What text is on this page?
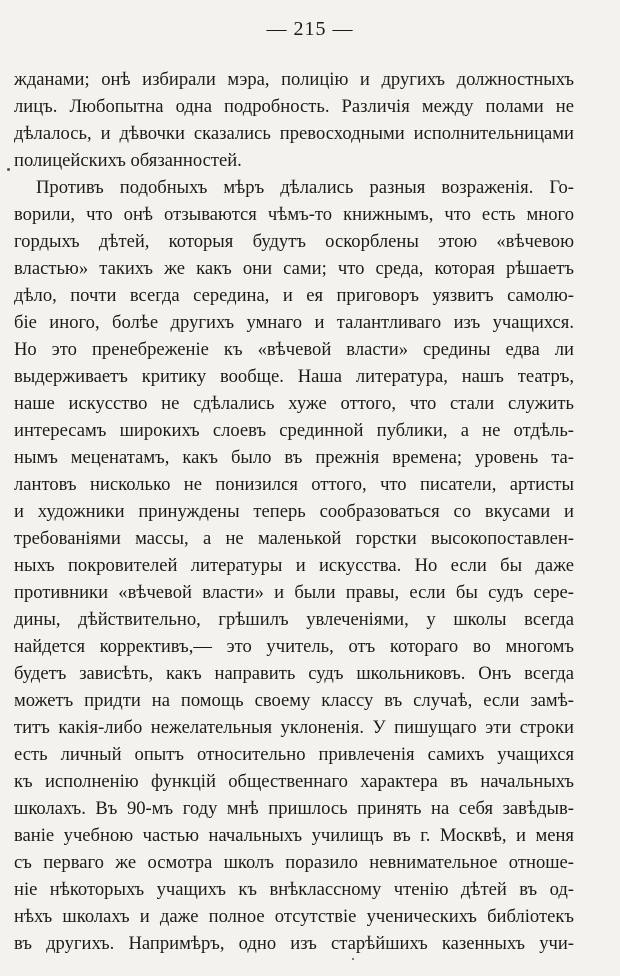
— 215 —
жданами; онѣ избирали мэра, полицію и другихъ должностныхъ
лицъ. Любопытна одна подробность. Различія между полами не
дѣлалось, и дѣвочки сказались превосходными исполнительницами
полицейскихъ обязанностей.
Противъ подобныхъ мѣръ дѣлались разныя возраженія. Го-
ворили, что онѣ отзываются чѣмъ-то книжнымъ, что есть много
гордыхъ дѣтей, которыя будутъ оскорблены этою «вѣчевою
властью» такихъ же какъ они сами; что среда, которая рѣшаетъ
дѣло, почти всегда середина, и ея приговоръ уязвитъ самолю-
біе иного, болѣе другихъ умнаго и талантливаго изъ учащихся.
Но это пренебреженіе къ «вѣчевой власти» средины едва ли
выдерживаетъ критику вообще. Наша литература, нашъ театръ,
наше искусство не сдѣлались хуже оттого, что стали служить
интересамъ широкихъ слоевъ срединной публики, а не отдѣль-
нымъ меценатамъ, какъ было въ прежнія времена; уровень та-
лантовъ нисколько не понизился оттого, что писатели, артисты
и художники принуждены теперь сообразоваться со вкусами и
требованіями массы, а не маленькой горстки высокопоставлен-
ныхъ покровителей литературы и искусства. Но если бы даже
противники «вѣчевой власти» и были правы, если бы судъ сере-
дины, дѣйствительно, грѣшилъ увлеченіями, у школы всегда
найдется коррективъ,— это учитель, отъ котораго во многомъ
будетъ зависѣть, какъ направить судъ школьниковъ. Онъ всегда
можетъ придти на помощь своему классу въ случаѣ, если замѣ-
титъ какія-либо нежелательныя уклоненія. У пишущаго эти строки
есть личный опытъ относительно привлеченія самихъ учащихся
къ исполненію функцій общественнаго характера въ начальныхъ
школахъ. Въ 90-мъ году мнѣ пришлось принять на себя завѣдыв-
ваніе учебною частью начальныхъ училищъ въ г. Москвѣ, и меня
съ перваго же осмотра школъ поразило невнимательное отноше-
ніе нѣкоторыхъ учащихъ къ внѣклассному чтенію дѣтей въ од-
нѣхъ школахъ и даже полное отсутствіе ученическихъ библіотекъ
въ другихъ. Напримѣръ, одно изъ старѣйшихъ казенныхъ учи-
